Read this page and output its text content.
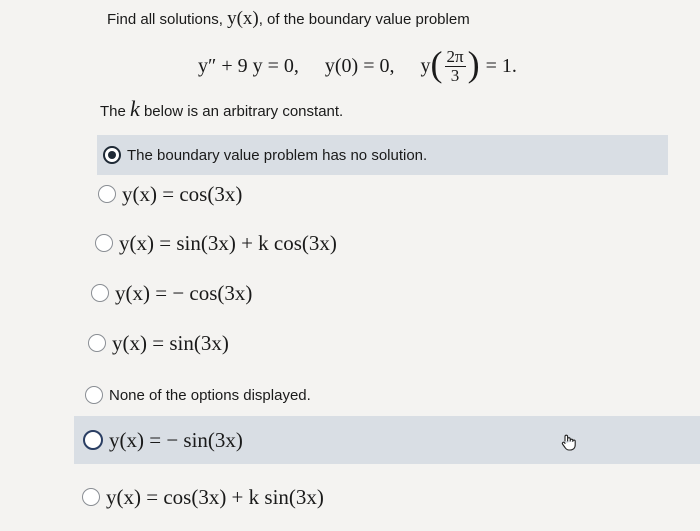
Find all solutions, y(x), of the boundary value problem
y″ + 9 y = 0, y(0) = 0, y ( $\frac{2\pi}{3}$ ) = 1.
The k below is an arbitrary constant.
The boundary value problem has no solution.
y(x) = cos(3x)
y(x) = sin(3x) + k cos(3x)
y(x) = − cos(3x)
y(x) = sin(3x)
None of the options displayed.
y(x) = − sin(3x)
y(x) = cos(3x) + k sin(3x)
